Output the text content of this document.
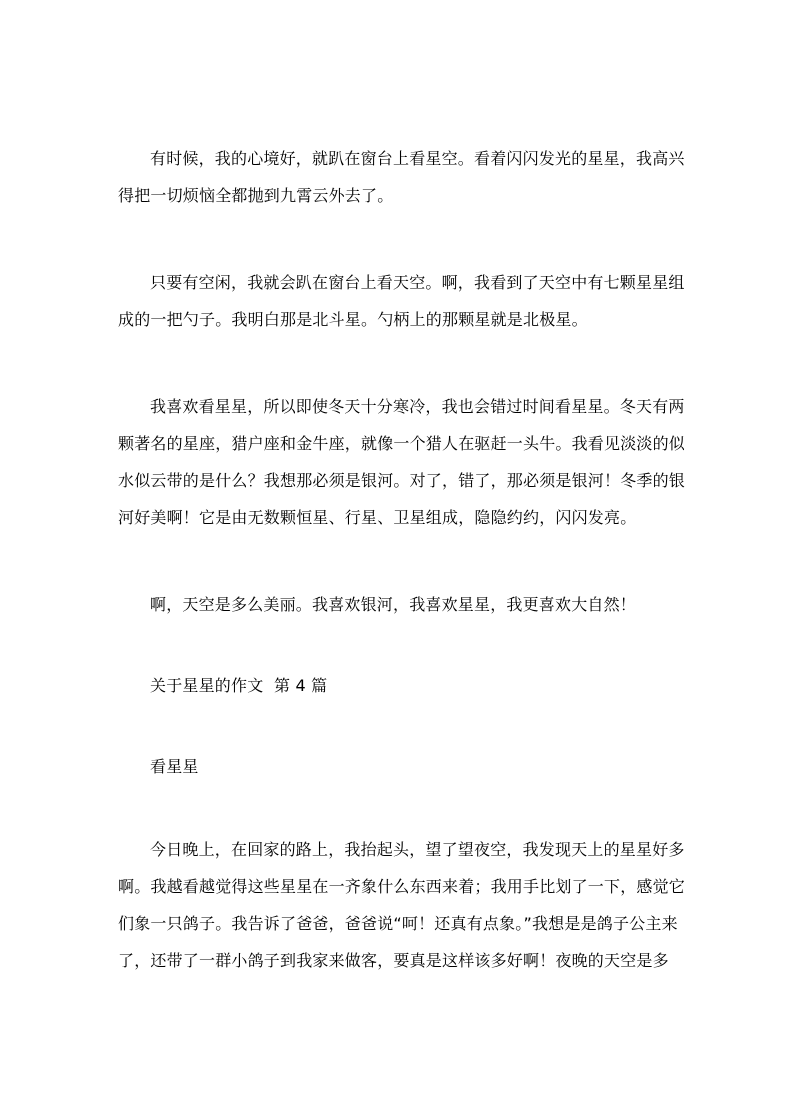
有时候，我的心境好，就趴在窗台上看星空。看着闪闪发光的星星，我高兴得把一切烦恼全都抛到九霄云外去了。

只要有空闲，我就会趴在窗台上看天空。啊，我看到了天空中有七颗星星组成的一把勺子。我明白那是北斗星。勺柄上的那颗星就是北极星。

我喜欢看星星，所以即使冬天十分寒冷，我也会错过时间看星星。冬天有两颗著名的星座，猎户座和金牛座，就像一个猎人在驱赶一头牛。我看见淡淡的似水似云带的是什么？我想那必须是银河。对了，错了，那必须是银河！冬季的银河好美啊！它是由无数颗恒星、行星、卫星组成，隐隐约约，闪闪发亮。

啊，天空是多么美丽。我喜欢银河，我喜欢星星，我更喜欢大自然！

关于星星的作文  第 4 篇

看星星

今日晚上，在回家的路上，我抬起头，望了望夜空，我发现天上的星星好多啊。我越看越觉得这些星星在一齐象什么东西来着；我用手比划了一下，感觉它们象一只鸽子。我告诉了爸爸，爸爸说“呵！还真有点象。”我想是是鸽子公主来了，还带了一群小鸽子到我家来做客，要真是这样该多好啊！夜晚的天空是多
